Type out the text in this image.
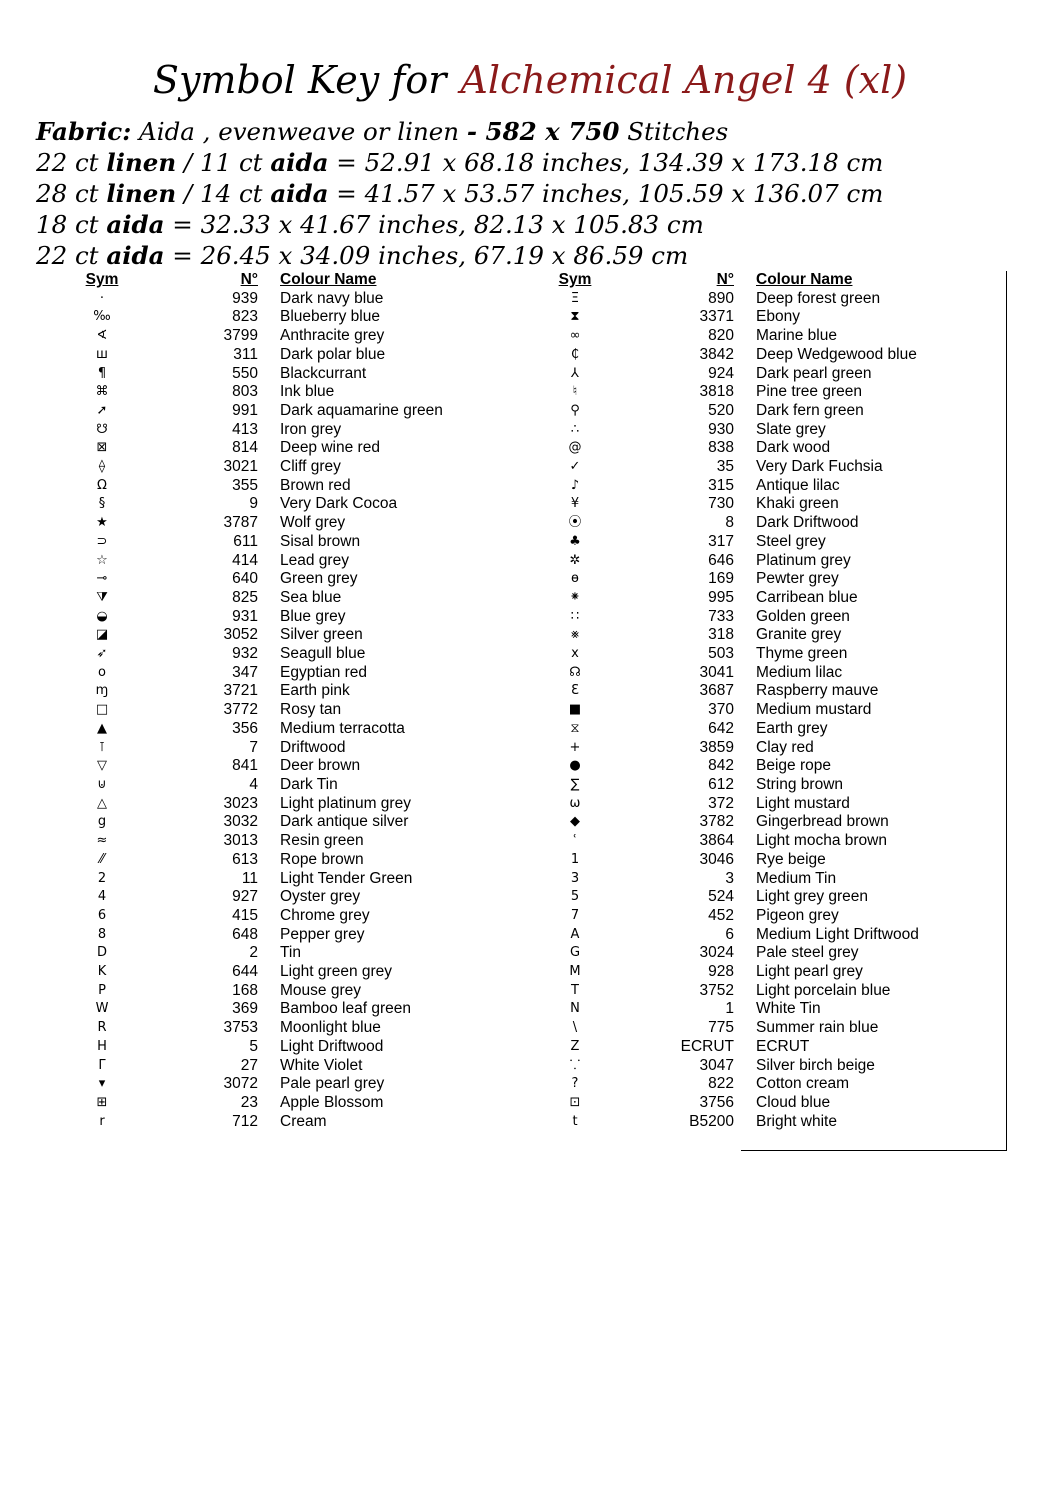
Symbol Key for Alchemical Angel 4 (xl)
Fabric: Aida , evenweave or linen - 582 x 750 Stitches
22 ct linen / 11 ct aida = 52.91 x 68.18 inches, 134.39 x 173.18 cm
28 ct linen / 14 ct aida = 41.57 x 53.57 inches, 105.59 x 136.07 cm
18 ct aida = 32.33 x 41.67 inches, 82.13 x 105.83 cm
22 ct aida = 26.45 x 34.09 inches, 67.19 x 86.59 cm
Sym	N°	Colour Name
·	939	Dark navy blue
‰	823	Blueberry blue
∢	3799	Anthracite grey
ш	311	Dark polar blue
¶	550	Blackcurrant
⌘	803	Ink blue
➚	991	Dark aquamarine green
☋	413	Iron grey
⊠	814	Deep wine red
⟠	3021	Cliff grey
Ω	355	Brown red
§	9	Very Dark Cocoa
★	3787	Wolf grey
⊃	611	Sisal brown
☆	414	Lead grey
⊸	640	Green grey
⧩	825	Sea blue
◒	931	Blue grey
◪	3052	Silver green
➶	932	Seagull blue
o	347	Egyptian red
ɱ	3721	Earth pink
□	3772	Rosy tan
▲	356	Medium terracotta
⊺	7	Driftwood
▽	841	Deer brown
⊍	4	Dark Tin
△	3023	Light platinum grey
g	3032	Dark antique silver
≈	3013	Resin green
⁄⁄	613	Rope brown
2	11	Light Tender Green
4	927	Oyster grey
6	415	Chrome grey
8	648	Pepper grey
D	2	Tin
K	644	Light green grey
P	168	Mouse grey
W	369	Bamboo leaf green
R	3753	Moonlight blue
H	5	Light Driftwood
Γ	27	White Violet
▾	3072	Pale pearl grey
⊞	23	Apple Blossom
r	712	Cream
Sym	N°	Colour Name
Ξ	890	Deep forest green
⧗	3371	Ebony
∞	820	Marine blue
₵	3842	Deep Wedgewood blue
⅄	924	Dark pearl green
♮	3818	Pine tree green
⚲	520	Dark fern green
∴	930	Slate grey
@	838	Dark wood
✓	35	Very Dark Fuchsia
♪	315	Antique lilac
¥	730	Khaki green
⦿	8	Dark Driftwood
♣	317	Steel grey
✲	646	Platinum grey
ɵ	169	Pewter grey
⁕	995	Carribean blue
∷	733	Golden green
⨳	318	Granite grey
x	503	Thyme green
☊	3041	Medium lilac
Ɛ	3687	Raspberry mauve
■	370	Medium mustard
⧖	642	Earth grey
+	3859	Clay red
●	842	Beige rope
∑	612	String brown
ω	372	Light mustard
◆	3782	Gingerbread brown
ʿ	3864	Light mocha brown
1	3046	Rye beige
3	3	Medium Tin
5	524	Light grey green
7	452	Pigeon grey
A	6	Medium Light Driftwood
G	3024	Pale steel grey
M	928	Light pearl grey
T	3752	Light porcelain blue
N	1	White Tin
\	775	Summer rain blue
Z	ECRUT	ECRUT
⸪	3047	Silver birch beige
?	822	Cotton cream
⊡	3756	Cloud blue
t	B5200	Bright white
